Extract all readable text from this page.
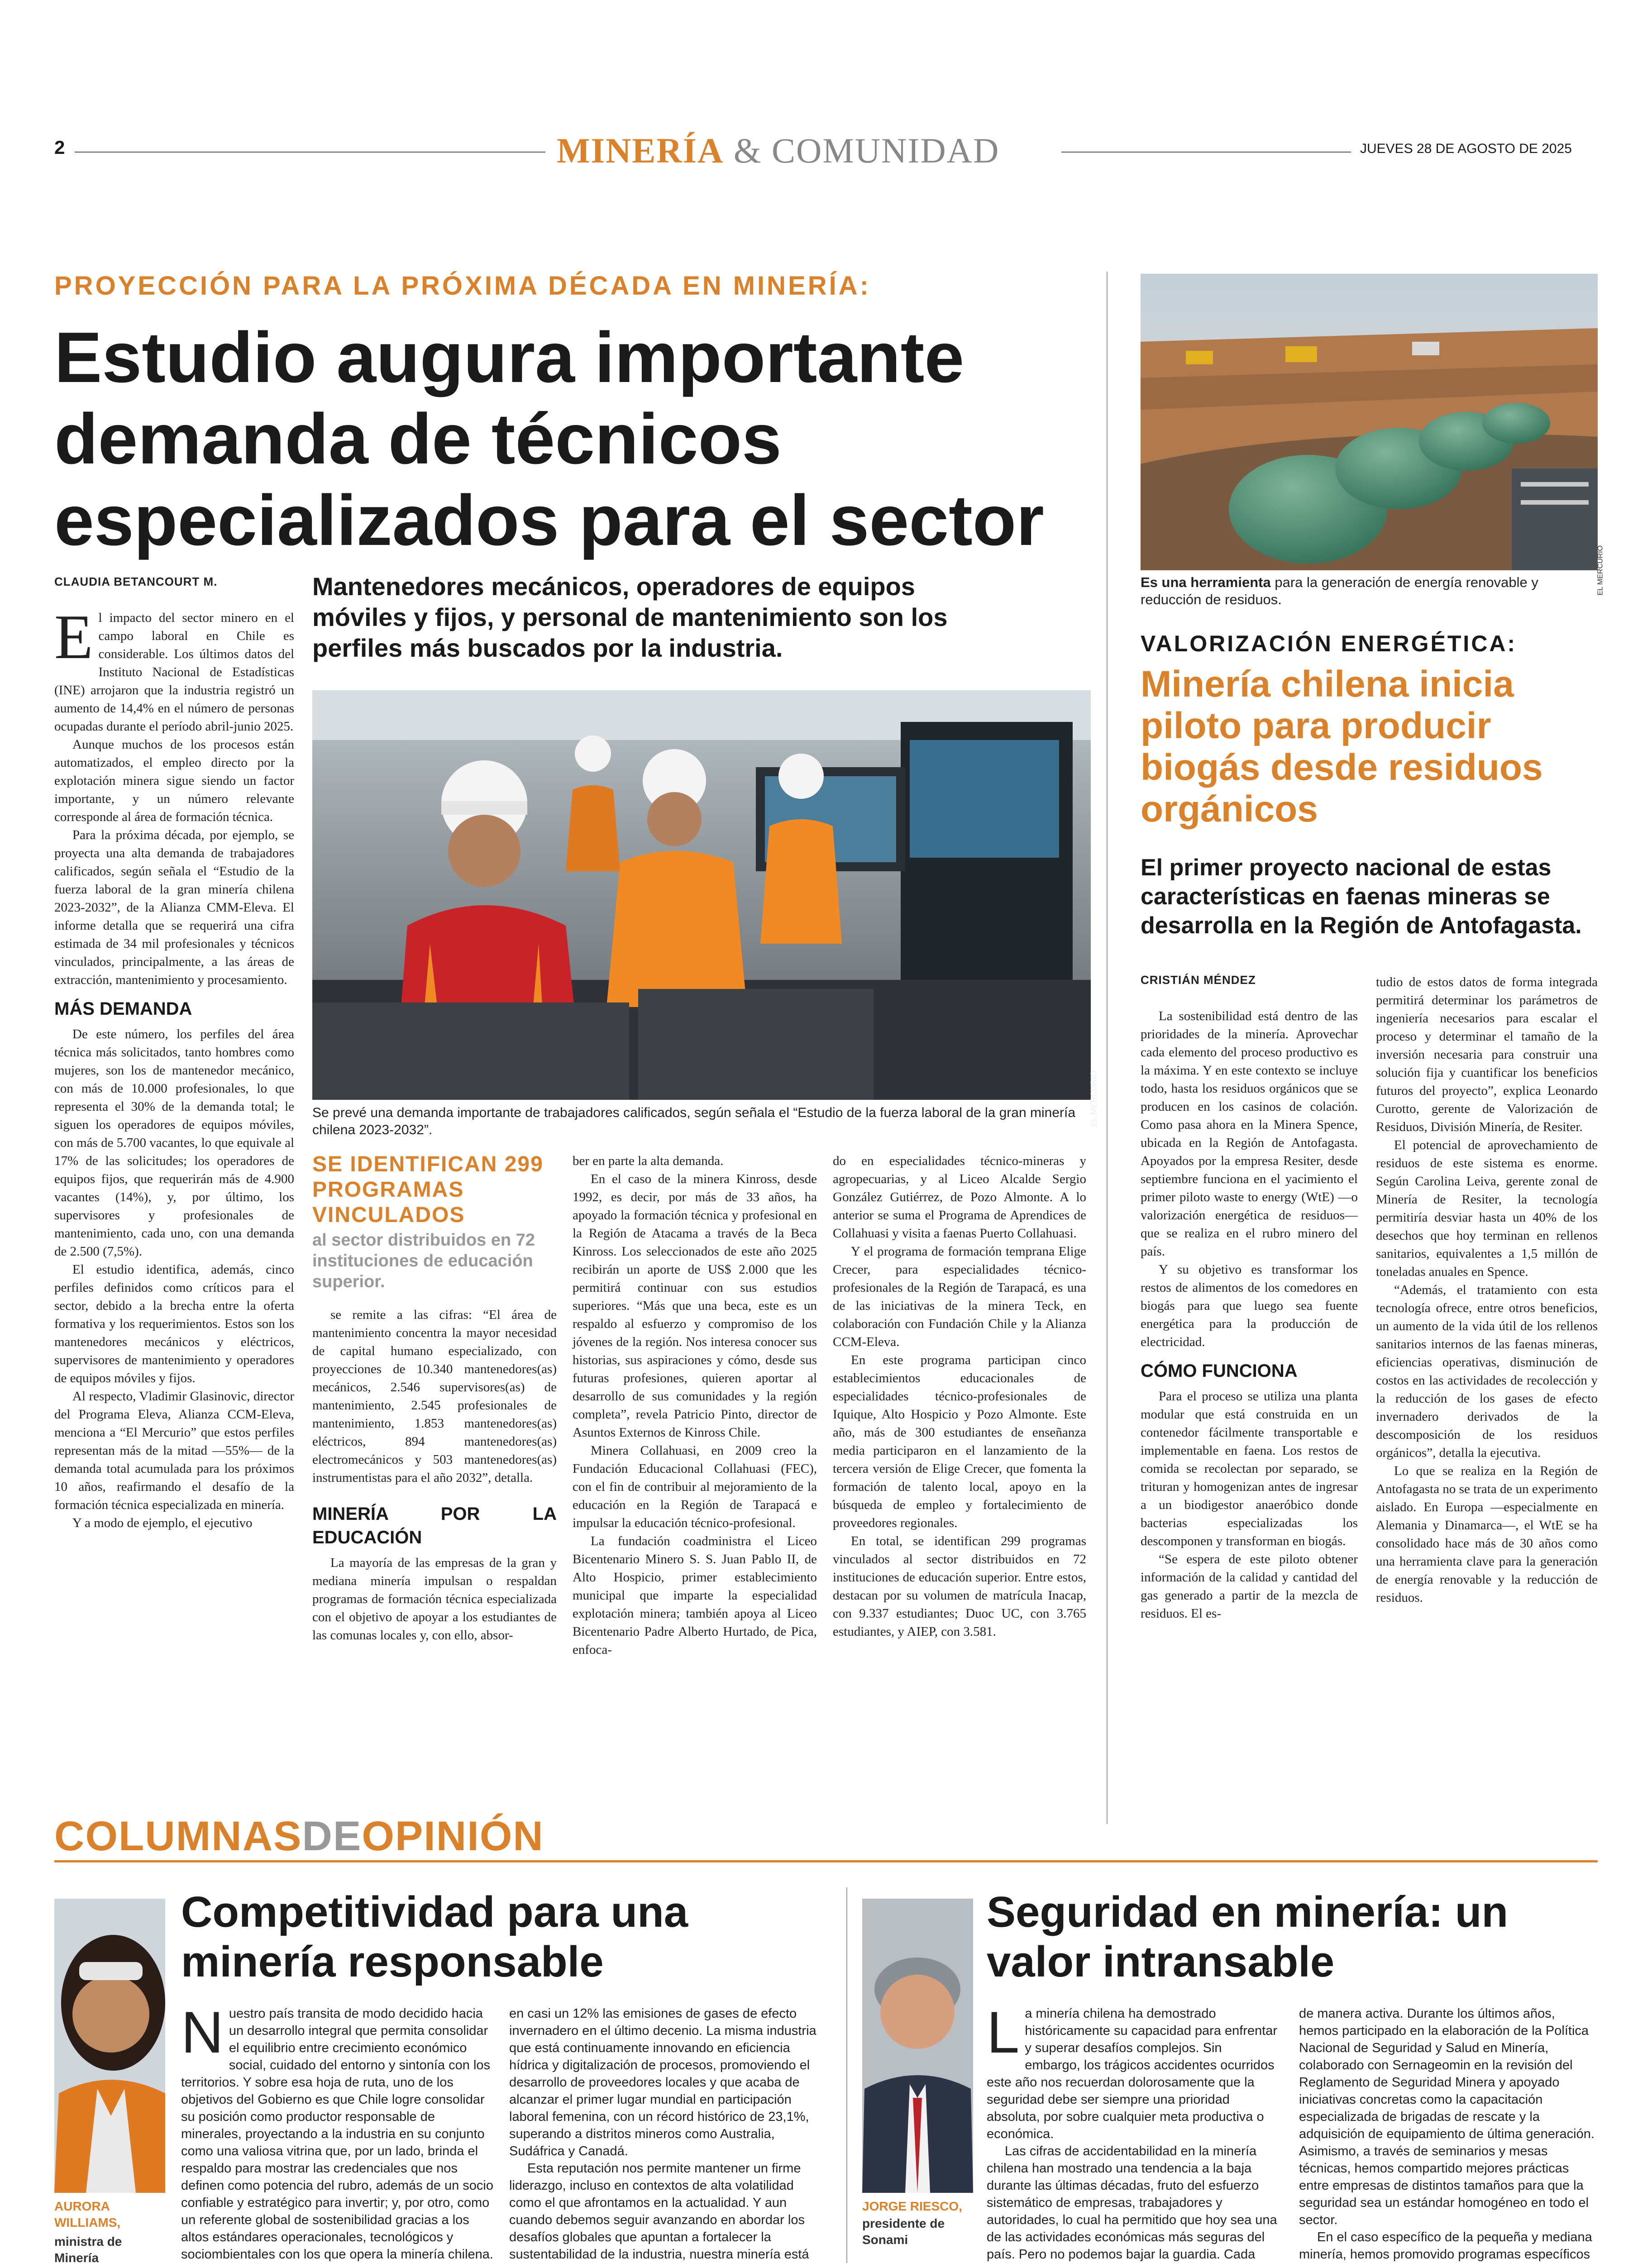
2	MINERÍA & COMUNIDAD	JUEVES 28 DE AGOSTO DE 2025
PROYECCIÓN PARA LA PRÓXIMA DÉCADA EN MINERÍA:
Estudio augura importante demanda de técnicos especializados para el sector
CLAUDIA BETANCOURT M.	Mantenedores mecánicos, operadores de equipos móviles y fijos, y personal de mantenimiento son los perfiles más buscados por la industria.
EL MERCURIO
Se prevé una demanda importante de trabajadores calificados, según señala el “Estudio de la fuerza laboral de la gran minería chilena 2023-2032”.

El impacto del sector minero en el campo laboral en Chile es considerable. Los últimos datos del Instituto Nacional de Estadísticas (INE) arrojaron que la industria registró un aumento de 14,4% en el número de personas ocupadas durante el período abril-junio 2025.

Aunque muchos de los procesos están automatizados, el empleo directo por la explotación minera sigue siendo un factor importante, y un número relevante corresponde al área de formación técnica.

Para la próxima década, por ejemplo, se proyecta una alta demanda de trabajadores calificados, según señala el “Estudio de la fuerza laboral de la gran minería chilena 2023-2032”, de la Alianza CMM-Eleva. El informe detalla que se requerirá una cifra estimada de 34 mil profesionales y técnicos vinculados, principalmente, a las áreas de extracción, mantenimiento y procesamiento.

MÁS DEMANDA

De este número, los perfiles del área técnica más solicitados, tanto hombres como mujeres, son los de mantenedor mecánico, con más de 10.000 profesionales, lo que representa el 30% de la demanda total; le siguen los operadores de equipos móviles, con más de 5.700 vacantes, lo que equivale al 17% de las solicitudes; los operadores de equipos fijos, que requerirán más de 4.900 vacantes (14%), y, por último, los supervisores y profesionales de mantenimiento, cada uno, con una demanda de 2.500 (7,5%).

El estudio identifica, además, cinco perfiles definidos como críticos para el sector, debido a la brecha entre la oferta formativa y los requerimientos. Estos son los mantenedores mecánicos y eléctricos, supervisores de mantenimiento y operadores de equipos móviles y fijos.

Al respecto, Vladimir Glasinovic, director del Programa Eleva, Alianza CCM-Eleva, menciona a “El Mercurio” que estos perfiles representan más de la mitad —55%— de la demanda total acumulada para los próximos 10 años, reafirmando el desafío de la formación técnica especializada en minería.

Y a modo de ejemplo, el ejecutivo

SE IDENTIFICAN 299 PROGRAMAS VINCULADOS
al sector distribuidos en 72 instituciones de educación superior.

se remite a las cifras: “El área de mantenimiento concentra la mayor necesidad de capital humano especializado, con proyecciones de 10.340 mantenedores(as) mecánicos, 2.546 supervisores(as) de mantenimiento, 2.545 profesionales de mantenimiento, 1.853 mantenedores(as) eléctricos, 894 mantenedores(as) electromecánicos y 503 mantenedores(as) instrumentistas para el año 2032”, detalla.

MINERÍA POR LA EDUCACIÓN

La mayoría de las empresas de la gran y mediana minería impulsan o respaldan programas de formación técnica especializada con el objetivo de apoyar a los estudiantes de las comunas locales y, con ello, absor-

ber en parte la alta demanda.

En el caso de la minera Kinross, desde 1992, es decir, por más de 33 años, ha apoyado la formación técnica y profesional en la Región de Atacama a través de la Beca Kinross. Los seleccionados de este año 2025 recibirán un aporte de US$ 2.000 que les permitirá continuar con sus estudios superiores. “Más que una beca, este es un respaldo al esfuerzo y compromiso de los jóvenes de la región. Nos interesa conocer sus historias, sus aspiraciones y cómo, desde sus futuras profesiones, quieren aportar al desarrollo de sus comunidades y la región completa”, revela Patricio Pinto, director de Asuntos Externos de Kinross Chile.

Minera Collahuasi, en 2009 creo la Fundación Educacional Collahuasi (FEC), con el fin de contribuir al mejoramiento de la educación en la Región de Tarapacá e impulsar la educación técnico-profesional.

La fundación coadministra el Liceo Bicentenario Minero S. S. Juan Pablo II, de Alto Hospicio, primer establecimiento municipal que imparte la especialidad explotación minera; también apoya al Liceo Bicentenario Padre Alberto Hurtado, de Pica, enfoca-

do en especialidades técnico-mineras y agropecuarias, y al Liceo Alcalde Sergio González Gutiérrez, de Pozo Almonte. A lo anterior se suma el Programa de Aprendices de Collahuasi y visita a faenas Puerto Collahuasi.

Y el programa de formación temprana Elige Crecer, para especialidades técnico-profesionales de la Región de Tarapacá, es una de las iniciativas de la minera Teck, en colaboración con Fundación Chile y la Alianza CCM-Eleva.

En este programa participan cinco establecimientos educacionales de especialidades técnico-profesionales de Iquique, Alto Hospicio y Pozo Almonte. Este año, más de 300 estudiantes de enseñanza media participaron en el lanzamiento de la tercera versión de Elige Crecer, que fomenta la formación de talento local, apoyo en la búsqueda de empleo y fortalecimiento de proveedores regionales.

En total, se identifican 299 programas vinculados al sector distribuidos en 72 instituciones de educación superior. Entre estos, destacan por su volumen de matrícula Inacap, con 9.337 estudiantes; Duoc UC, con 3.765 estudiantes, y AIEP, con 3.581.

EL MERCURIO
Es una herramienta para la generación de energía renovable y reducción de residuos.
VALORIZACIÓN ENERGÉTICA:
Minería chilena inicia piloto para producir biogás desde residuos orgánicos
El primer proyecto nacional de estas características en faenas mineras se desarrolla en la Región de Antofagasta.
CRISTIÁN MÉNDEZ

La sostenibilidad está dentro de las prioridades de la minería. Aprovechar cada elemento del proceso productivo es la máxima. Y en este contexto se incluye todo, hasta los residuos orgánicos que se producen en los casinos de colación. Como pasa ahora en la Minera Spence, ubicada en la Región de Antofagasta. Apoyados por la empresa Resiter, desde septiembre funciona en el yacimiento el primer piloto waste to energy (WtE) —o valorización energética de residuos— que se realiza en el rubro minero del país.

Y su objetivo es transformar los restos de alimentos de los comedores en biogás para que luego sea fuente energética para la producción de electricidad.

CÓMO FUNCIONA

Para el proceso se utiliza una planta modular que está construida en un contenedor fácilmente transportable e implementable en faena. Los restos de comida se recolectan por separado, se trituran y homogenizan antes de ingresar a un biodigestor anaeróbico donde bacterias especializadas los descomponen y transforman en biogás.

“Se espera de este piloto obtener información de la calidad y cantidad del gas generado a partir de la mezcla de residuos. El es-

tudio de estos datos de forma integrada permitirá determinar los parámetros de ingeniería necesarios para escalar el proceso y determinar el tamaño de la inversión necesaria para construir una solución fija y cuantificar los beneficios futuros del proyecto”, explica Leonardo Curotto, gerente de Valorización de Residuos, División Minería, de Resiter.

El potencial de aprovechamiento de residuos de este sistema es enorme. Según Carolina Leiva, gerente zonal de Minería de Resiter, la tecnología permitiría desviar hasta un 40% de los desechos que hoy terminan en rellenos sanitarios, equivalentes a 1,5 millón de toneladas anuales en Spence.

“Además, el tratamiento con esta tecnología ofrece, entre otros beneficios, un aumento de la vida útil de los rellenos sanitarios internos de las faenas mineras, eficiencias operativas, disminución de costos en las actividades de recolección y la reducción de los gases de efecto invernadero derivados de la descomposición de los residuos orgánicos”, detalla la ejecutiva.

Lo que se realiza en la Región de Antofagasta no se trata de un experimento aislado. En Europa —especialmente en Alemania y Dinamarca—, el WtE se ha consolidado hace más de 30 años como una herramienta clave para la generación de energía renovable y la reducción de residuos.

COLUMNASDEOPINIÓN
AURORA WILLIAMS,
ministra de Minería
Competitividad para una minería responsable

Nuestro país transita de modo decidido hacia un desarrollo integral que permita consolidar el equilibrio entre crecimiento económico social, cuidado del entorno y sintonía con los territorios. Y sobre esa hoja de ruta, uno de los objetivos del Gobierno es que Chile logre consolidar su posición como productor responsable de minerales, proyectando a la industria en su conjunto como una valiosa vitrina que, por un lado, brinda el respaldo para mostrar las credenciales que nos definen como potencia del rubro, además de un socio confiable y estratégico para invertir; y, por otro, como un referente global de sostenibilidad gracias a los altos estándares operacionales, tecnológicos y sociombientales con los que opera la minería chilena.

en casi un 12% las emisiones de gases de efecto invernadero en el último decenio. La misma industria que está continuamente innovando en eficiencia hídrica y digitalización de procesos, promoviendo el desarrollo de proveedores locales y que acaba de alcanzar el primer lugar mundial en participación laboral femenina, con un récord histórico de 23,1%, superando a distritos mineros como Australia, Sudáfrica y Canadá.

Esta reputación nos permite mantener un firme liderazgo, incluso en contextos de alta volatilidad como el que afrontamos en la actualidad. Y aun cuando debemos seguir avanzando en abordar los desafíos globales que apuntan a fortalecer la sustentabilidad de la industria, nuestra minería está

JORGE RIESCO,
presidente de Sonami
Seguridad en minería: un valor intransable

La minería chilena ha demostrado históricamente su capacidad para enfrentar y superar desafíos complejos. Sin embargo, los trágicos accidentes ocurridos este año nos recuerdan dolorosamente que la seguridad debe ser siempre una prioridad absoluta, por sobre cualquier meta productiva o económica.

Las cifras de accidentabilidad en la minería chilena han mostrado una tendencia a la baja durante las últimas décadas, fruto del esfuerzo sistemático de empresas, trabajadores y autoridades, lo cual ha permitido que hoy sea una de las actividades económicas más seguras del país. Pero no podemos bajar la guardia. Cada

de manera activa. Durante los últimos años, hemos participado en la elaboración de la Política Nacional de Seguridad y Salud en Minería, colaborado con Sernageomin en la revisión del Reglamento de Seguridad Minera y apoyado iniciativas concretas como la capacitación especializada de brigadas de rescate y la adquisición de equipamiento de última generación. Asimismo, a través de seminarios y mesas técnicas, hemos compartido mejores prácticas entre empresas de distintos tamaños para que la seguridad sea un estándar homogéneo en todo el sector.

En el caso específico de la pequeña y mediana minería, hemos promovido programas específicos
